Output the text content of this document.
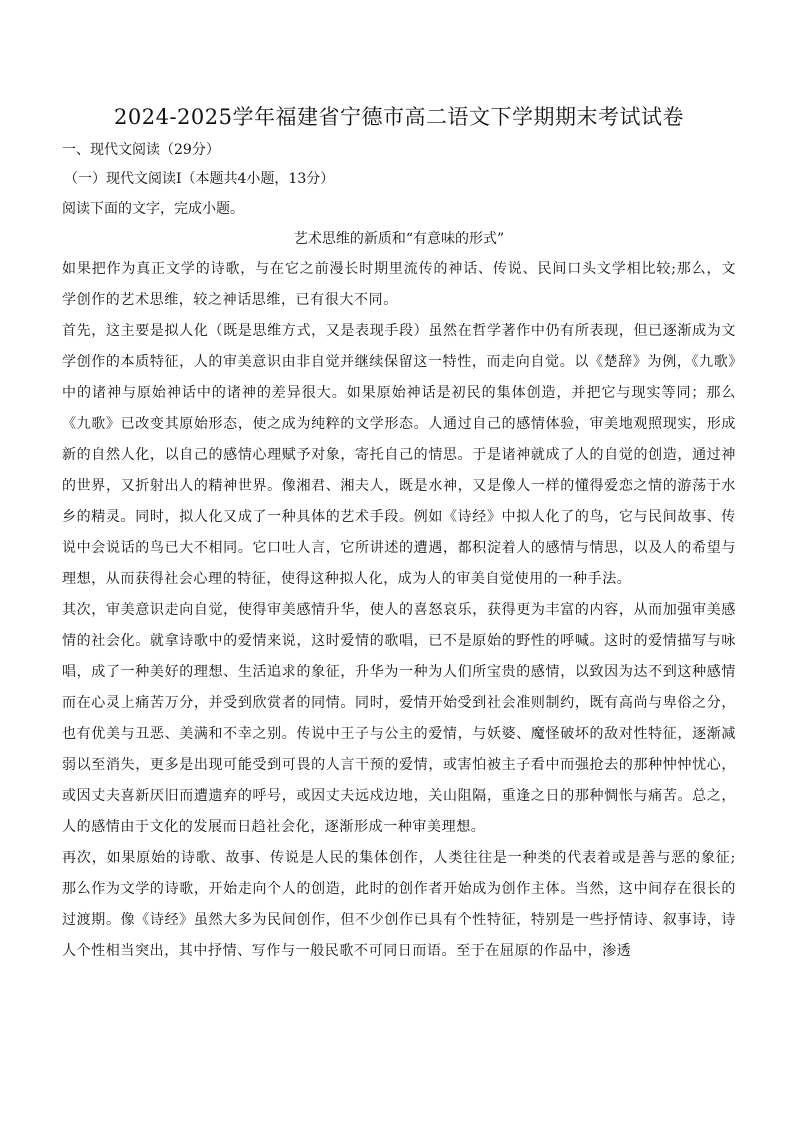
2024-2025学年福建省宁德市高二语文下学期期末考试试卷

一、现代文阅读（29分）

（一）现代文阅读Ⅰ（本题共4小题，13分）

阅读下面的文字，完成小题。

艺术思维的新质和“有意味的形式”

如果把作为真正文学的诗歌，与在它之前漫长时期里流传的神话、传说、民间口头文学相比较;那么，文学创作的艺术思维，较之神话思维，已有很大不同。

首先，这主要是拟人化（既是思维方式，又是表现手段）虽然在哲学著作中仍有所表现，但已逐渐成为文学创作的本质特征，人的审美意识由非自觉并继续保留这一特性，而走向自觉。以《楚辞》为例，《九歌》中的诸神与原始神话中的诸神的差异很大。如果原始神话是初民的集体创造，并把它与现实等同；那么《九歌》已改变其原始形态，使之成为纯粹的文学形态。人通过自己的感情体验，审美地观照现实，形成新的自然人化，以自己的感情心理赋予对象，寄托自己的情思。于是诸神就成了人的自觉的创造，通过神的世界，又折射出人的精神世界。像湘君、湘夫人，既是水神，又是像人一样的懂得爱恋之情的游荡于水乡的精灵。同时，拟人化又成了一种具体的艺术手段。例如《诗经》中拟人化了的鸟，它与民间故事、传说中会说话的鸟已大不相同。它口吐人言，它所讲述的遭遇，都积淀着人的感情与情思，以及人的希望与理想，从而获得社会心理的特征，使得这种拟人化，成为人的审美自觉使用的一种手法。

其次，审美意识走向自觉，使得审美感情升华，使人的喜怒哀乐，获得更为丰富的内容，从而加强审美感情的社会化。就拿诗歌中的爱情来说，这时爱情的歌唱，已不是原始的野性的呼喊。这时的爱情描写与咏唱，成了一种美好的理想、生活追求的象征，升华为一种为人们所宝贵的感情，以致因为达不到这种感情而在心灵上痛苦万分，并受到欣赏者的同情。同时，爱情开始受到社会准则制约，既有高尚与卑俗之分，也有优美与丑恶、美满和不幸之别。传说中王子与公主的爱情，与妖婆、魔怪破坏的敌对性特征，逐渐减弱以至消失，更多是出现可能受到可畏的人言干预的爱情，或害怕被主子看中而强抢去的那种忡忡忧心，或因丈夫喜新厌旧而遭遗弃的呼号，或因丈夫远戍边地，关山阻隔，重逢之日的那种惆怅与痛苦。总之，人的感情由于文化的发展而日趋社会化，逐渐形成一种审美理想。

再次，如果原始的诗歌、故事、传说是人民的集体创作，人类往往是一种类的代表着或是善与恶的象征;那么作为文学的诗歌，开始走向个人的创造，此时的创作者开始成为创作主体。当然，这中间存在很长的过渡期。像《诗经》虽然大多为民间创作，但不少创作已具有个性特征，特别是一些抒情诗、叙事诗，诗人个性相当突出，其中抒情、写作与一般民歌不可同日而语。至于在屈原的作品中，渗透
